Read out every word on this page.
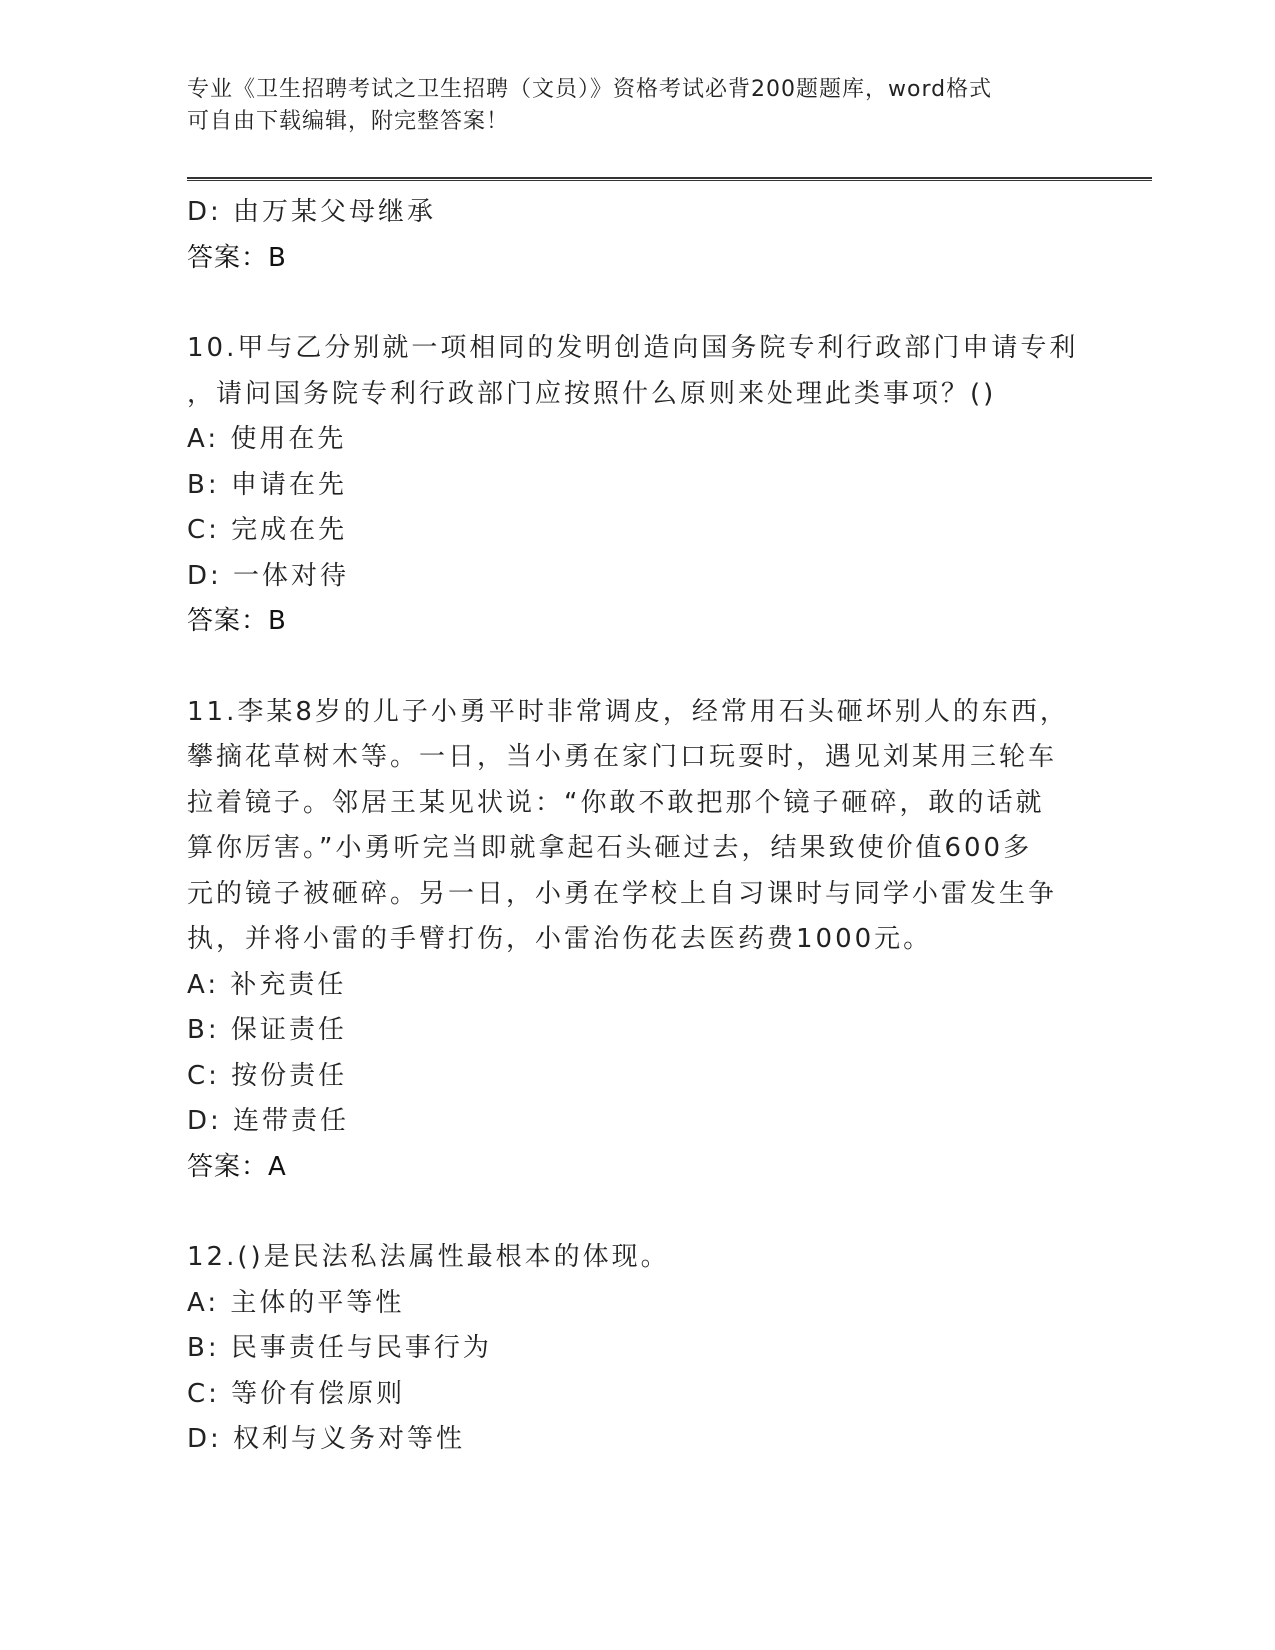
专业《卫生招聘考试之卫生招聘（文员）》资格考试必背200题题库，word格式
可自由下载编辑，附完整答案！
D: 由万某父母继承
答案：B
10.甲与乙分别就一项相同的发明创造向国务院专利行政部门申请专利
，请问国务院专利行政部门应按照什么原则来处理此类事项？()
A: 使用在先
B: 申请在先
C: 完成在先
D: 一体对待
答案：B
11.李某8岁的儿子小勇平时非常调皮，经常用石头砸坏别人的东西，
攀摘花草树木等。一日，当小勇在家门口玩耍时，遇见刘某用三轮车
拉着镜子。邻居王某见状说：“你敢不敢把那个镜子砸碎，敢的话就
算你厉害。”小勇听完当即就拿起石头砸过去，结果致使价值600多
元的镜子被砸碎。另一日，小勇在学校上自习课时与同学小雷发生争
执，并将小雷的手臂打伤，小雷治伤花去医药费1000元。
A: 补充责任
B: 保证责任
C: 按份责任
D: 连带责任
答案：A
12.()是民法私法属性最根本的体现。
A: 主体的平等性
B: 民事责任与民事行为
C: 等价有偿原则
D: 权利与义务对等性
